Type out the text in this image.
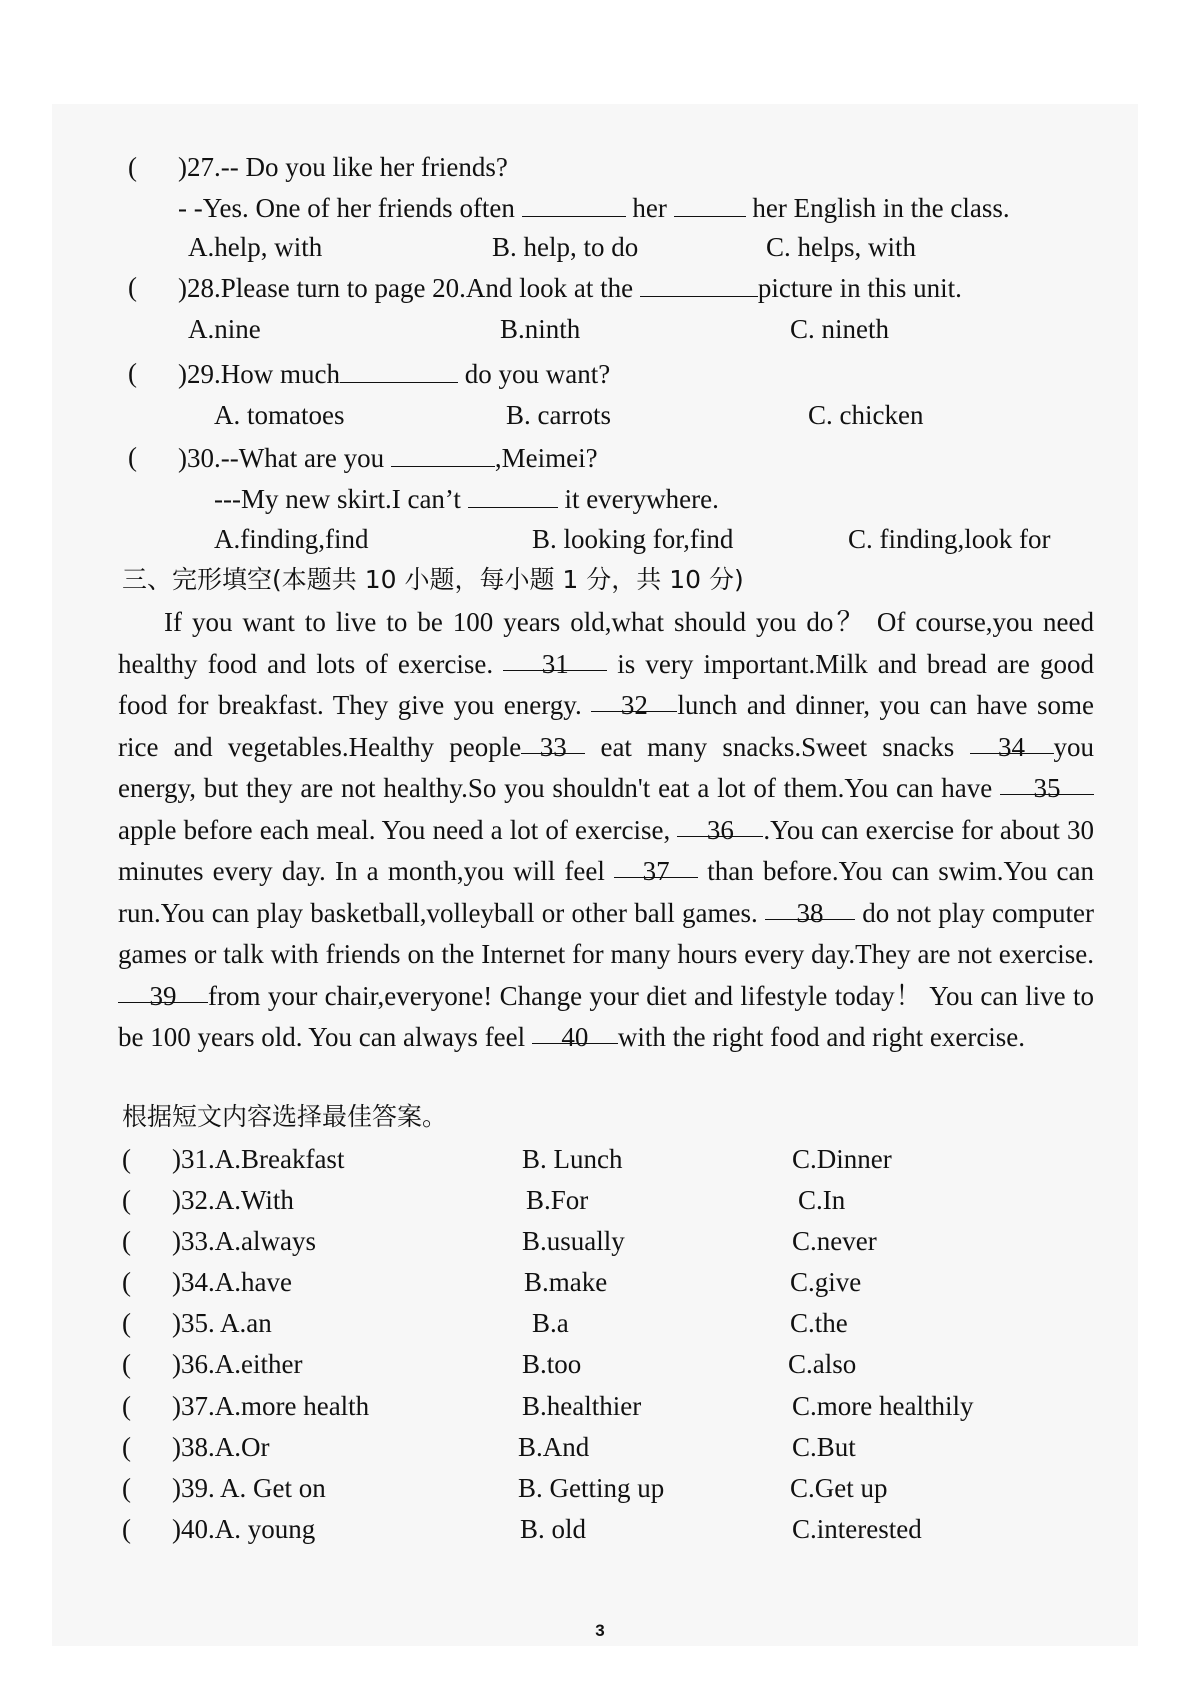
( )27.-- Do you like her friends?
- -Yes. One of her friends often	her	her English in the class.
A.help, with	B. help, to do	C. helps, with
( )28.Please turn to page 20.And look at the	picture in this unit.
A.nine	B.ninth	C. nineth
( )29.How much	do you want?
A. tomatoes	B. carrots	C. chicken
( )30.--What are you	,Meimei?
---My new skirt.I can’t	it everywhere.
A.finding,find	B. looking for,find	C. finding,look for
三、完形填空(本题共 10 小题，每小题 1 分，共 10 分)
If you want to live to be 100 years old,what should you do？ Of course,you need healthy food and lots of exercise. 31 is very important.Milk and bread are good food for breakfast. They give you energy. 32 lunch and dinner, you can have some rice and vegetables.Healthy people 33 eat many snacks.Sweet snacks 34 you energy, but they are not healthy.So you shouldn't eat a lot of them.You can have 35 apple before each meal. You need a lot of exercise, 36 .You can exercise for about 30 minutes every day. In a month,you will feel 37 than before.You can swim.You can run.You can play basketball,volleyball or other ball games. 38 do not play computer games or talk with friends on the Internet for many hours every day.They are not exercise.39 from your chair,everyone! Change your diet and lifestyle today！ You can live to be 100 years old. You can always feel 40 with the right food and right exercise.
根据短文内容选择最佳答案。
( )31.A.Breakfast	B. Lunch	C.Dinner
( )32.A.With	B.For	C.In
( )33.A.always	B.usually	C.never
( )34.A.have	B.make	C.give
( )35. A.an	B.a	C.the
( )36.A.either	B.too	C.also
( )37.A.more health	B.healthier	C.more healthily
( )38.A.Or	B.And	C.But
( )39. A. Get on	B. Getting up	C.Get up
( )40.A. young	B. old	C.interested
3
